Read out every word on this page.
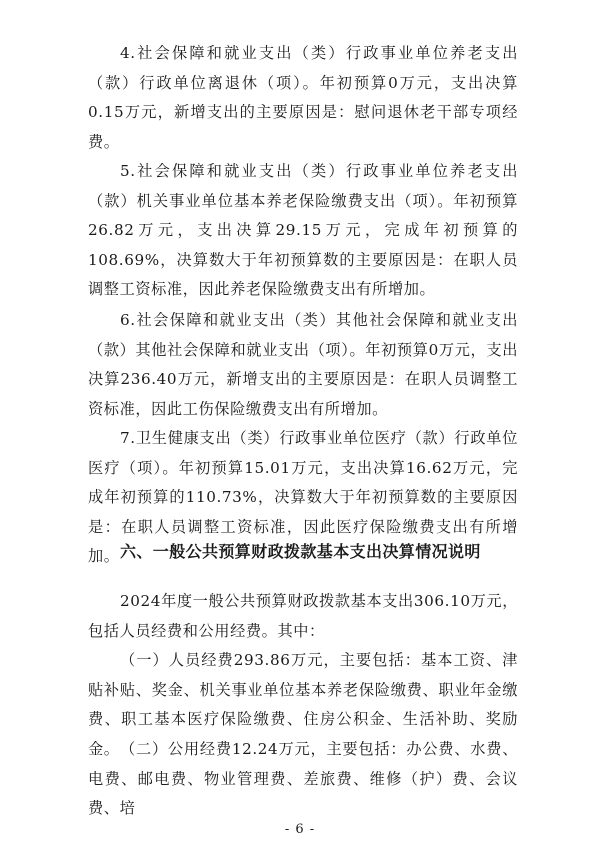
4.社会保障和就业支出（类）行政事业单位养老支出（款）行政单位离退休（项）。年初预算0万元，支出决算0.15万元，新增支出的主要原因是：慰问退休老干部专项经费。

5.社会保障和就业支出（类）行政事业单位养老支出（款）机关事业单位基本养老保险缴费支出（项）。年初预算26.82万元，支出决算29.15万元，完成年初预算的108.69%，决算数大于年初预算数的主要原因是：在职人员调整工资标准，因此养老保险缴费支出有所增加。

6.社会保障和就业支出（类）其他社会保障和就业支出（款）其他社会保障和就业支出（项）。年初预算0万元，支出决算236.40万元，新增支出的主要原因是：在职人员调整工资标准，因此工伤保险缴费支出有所增加。

7.卫生健康支出（类）行政事业单位医疗（款）行政单位医疗（项）。年初预算15.01万元，支出决算16.62万元，完成年初预算的110.73%，决算数大于年初预算数的主要原因是：在职人员调整工资标准，因此医疗保险缴费支出有所增加。 六、一般公共预算财政拨款基本支出决算情况说明

2024年度一般公共预算财政拨款基本支出306.10万元，包括人员经费和公用经费。其中：

（一）人员经费293.86万元，主要包括：基本工资、津贴补贴、奖金、机关事业单位基本养老保险缴费、职业年金缴费、职工基本医疗保险缴费、住房公积金、生活补助、奖励金。 （二）公用经费12.24万元，主要包括：办公费、水费、电费、邮电费、物业管理费、差旅费、维修（护）费、会议费、培

- 6 -
